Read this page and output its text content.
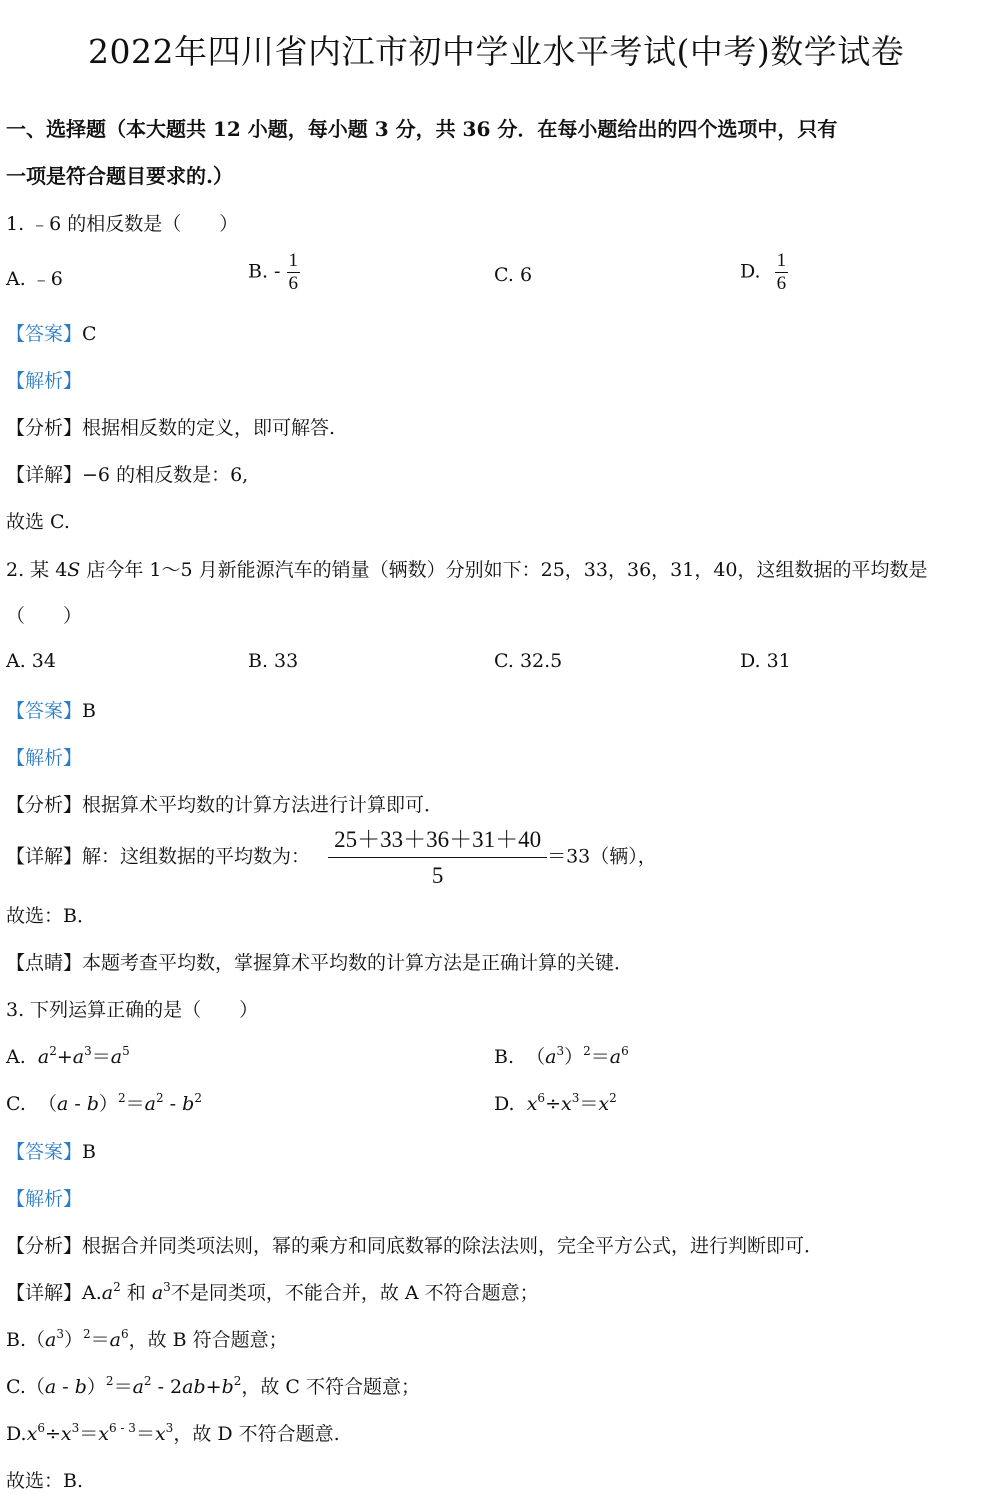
2022年四川省内江市初中学业水平考试(中考)数学试卷
一、选择题（本大题共 12 小题，每小题 3 分，共 36 分．在每小题给出的四个选项中，只有
一项是符合题目要求的.）
1. ﹣6 的相反数是（　　）
A. ﹣6	B. - $\frac{1}{6}$	C. 6	D. $\frac{1}{6}$
【答案】C
【解析】
【分析】根据相反数的定义，即可解答.
【详解】−6 的相反数是：6,
故选 C.
2. 某 4S 店今年 1～5 月新能源汽车的销量（辆数）分别如下：25，33，36，31，40，这组数据的平均数是
（　　）
A. 34	B. 33	C. 32.5	D. 31
【答案】B
【解析】
【分析】根据算术平均数的计算方法进行计算即可．
【详解】解：这组数据的平均数为： $\frac{25+33+36+31+40}{5} =33$（辆），
故选：B．
【点睛】本题考查平均数，掌握算术平均数的计算方法是正确计算的关键．
3. 下列运算正确的是（　　）
A. $a^2+a^3=a^5$	B.  $(a^3)^2=a^6$
C.  $(a - b)^2=a^2 - b^2$	D. $x^6\div x^3=x^2$
【答案】B
【解析】
【分析】根据合并同类项法则，幂的乘方和同底数幂的除法法则，完全平方公式，进行判断即可．
【详解】$A.a^2$ 和 $a^3$不是同类项，不能合并，故 A 不符合题意；
$B.(a^3)^2=a^6$，故 B 符合题意；
$C.(a - b)^2=a^2 - 2ab+b^2$，故 C 不符合题意；
$D.x^6\div x^3=x^{6 - 3}=x^3$，故 D 不符合题意.
故选：B.
